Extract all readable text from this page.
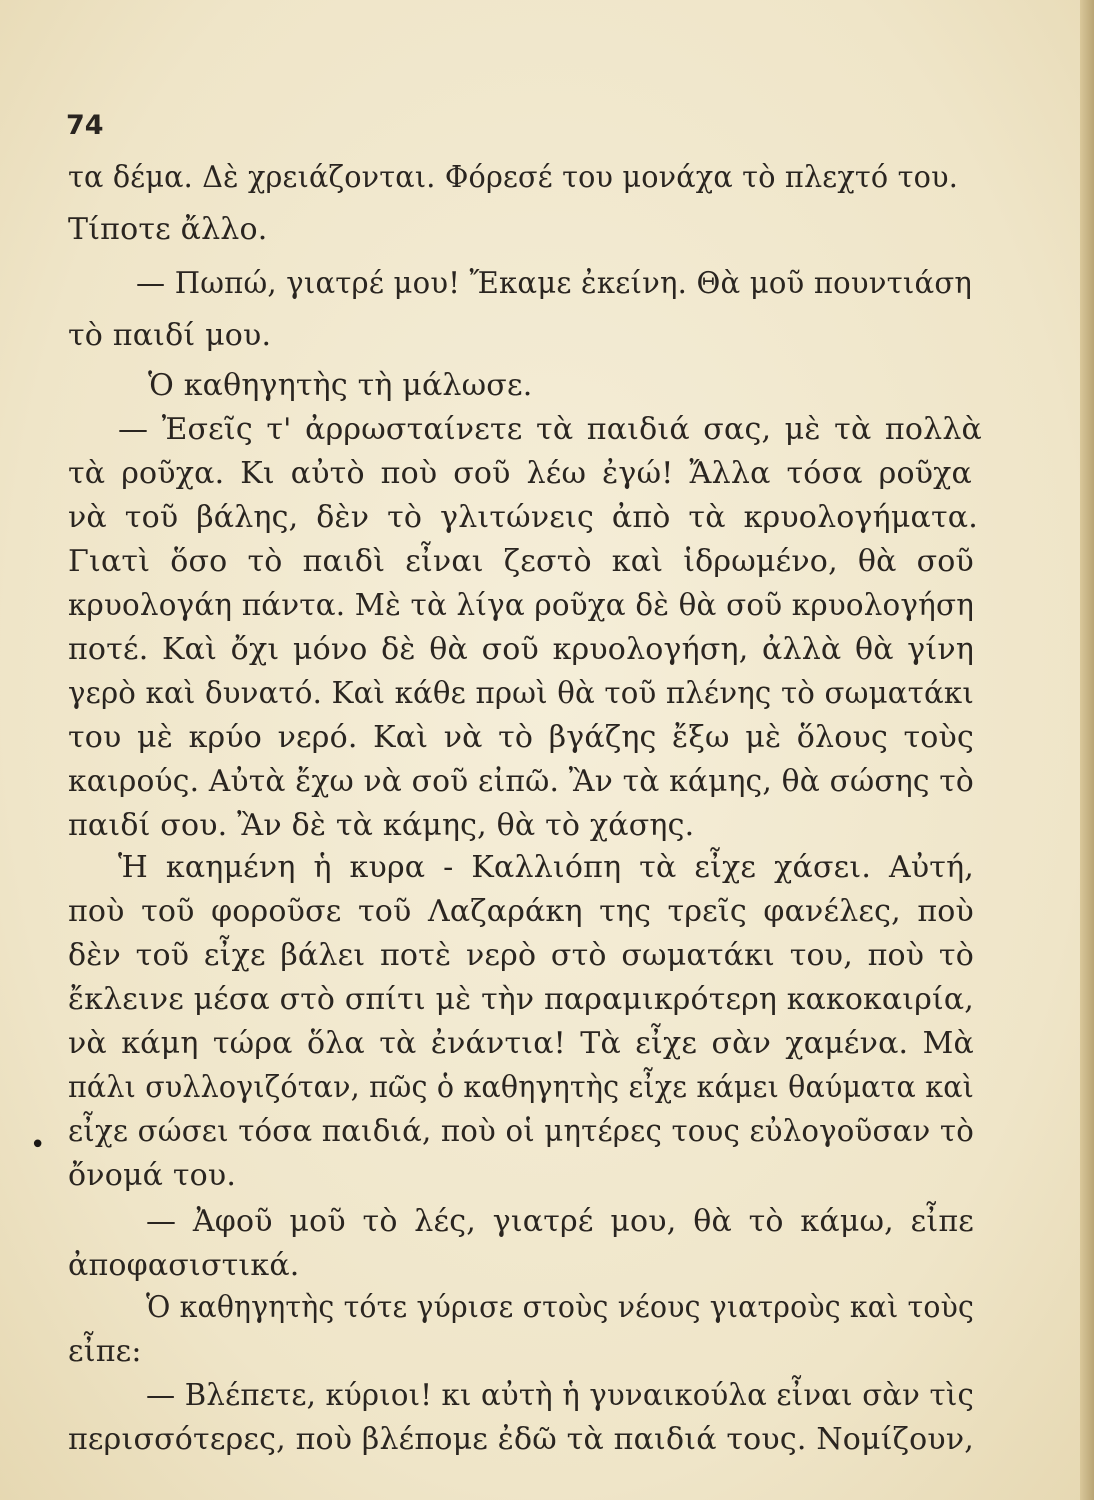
74
τα δέμα. Δὲ χρειάζονται. Φόρεσέ του μονάχα τὸ πλεχτό του.
Τίποτε ἄλλο.
— Πωπώ, γιατρέ μου! Ἔκαμε ἐκείνη. Θὰ μοῦ πουντιάση
τὸ παιδί μου.
Ὁ καθηγητὴς τὴ μάλωσε.
— Ἐσεῖς τ' ἀρρωσταίνετε τὰ παιδιά σας, μὲ τὰ πολλὰ
τὰ ροῦχα. Κι αὐτὸ ποὺ σοῦ λέω ἐγώ! Ἄλλα τόσα ροῦχα
νὰ τοῦ βάλης, δὲν τὸ γλιτώνεις ἀπὸ τὰ κρυολογήματα.
Γιατὶ ὅσο τὸ παιδὶ εἶναι ζεστὸ καὶ ἱδρωμένο, θὰ σοῦ
κρυολογάη πάντα. Μὲ τὰ λίγα ροῦχα δὲ θὰ σοῦ κρυολογήση
ποτέ. Καὶ ὄχι μόνο δὲ θὰ σοῦ κρυολογήση, ἀλλὰ θὰ γίνη
γερὸ καὶ δυνατό. Καὶ κάθε πρωὶ θὰ τοῦ πλένης τὸ σωματάκι
του μὲ κρύο νερό. Καὶ νὰ τὸ βγάζης ἔξω μὲ ὅλους τοὺς
καιρούς. Αὐτὰ ἔχω νὰ σοῦ εἰπῶ. Ἂν τὰ κάμης, θὰ σώσης τὸ
παιδί σου. Ἂν δὲ τὰ κάμης, θὰ τὸ χάσης.
Ἡ καημένη ἡ κυρα - Καλλιόπη τὰ εἶχε χάσει. Αὐτή,
ποὺ τοῦ φοροῦσε τοῦ Λαζαράκη της τρεῖς φανέλες, ποὺ
δὲν τοῦ εἶχε βάλει ποτὲ νερὸ στὸ σωματάκι του, ποὺ τὸ
ἔκλεινε μέσα στὸ σπίτι μὲ τὴν παραμικρότερη κακοκαιρία,
νὰ κάμη τώρα ὅλα τὰ ἐνάντια! Τὰ εἶχε σὰν χαμένα. Μὰ
πάλι συλλογιζόταν, πῶς ὁ καθηγητὴς εἶχε κάμει θαύματα καὶ
εἶχε σώσει τόσα παιδιά, ποὺ οἱ μητέρες τους εὐλογοῦσαν τὸ
ὄνομά του.
— Ἀφοῦ μοῦ τὸ λές, γιατρέ μου, θὰ τὸ κάμω, εἶπε
ἀποφασιστικά.
Ὁ καθηγητὴς τότε γύρισε στοὺς νέους γιατροὺς καὶ τοὺς
εἶπε:
— Βλέπετε, κύριοι! κι αὐτὴ ἡ γυναικούλα εἶναι σὰν τὶς
περισσότερες, ποὺ βλέπομε ἐδῶ τὰ παιδιά τους. Νομίζουν,
•
